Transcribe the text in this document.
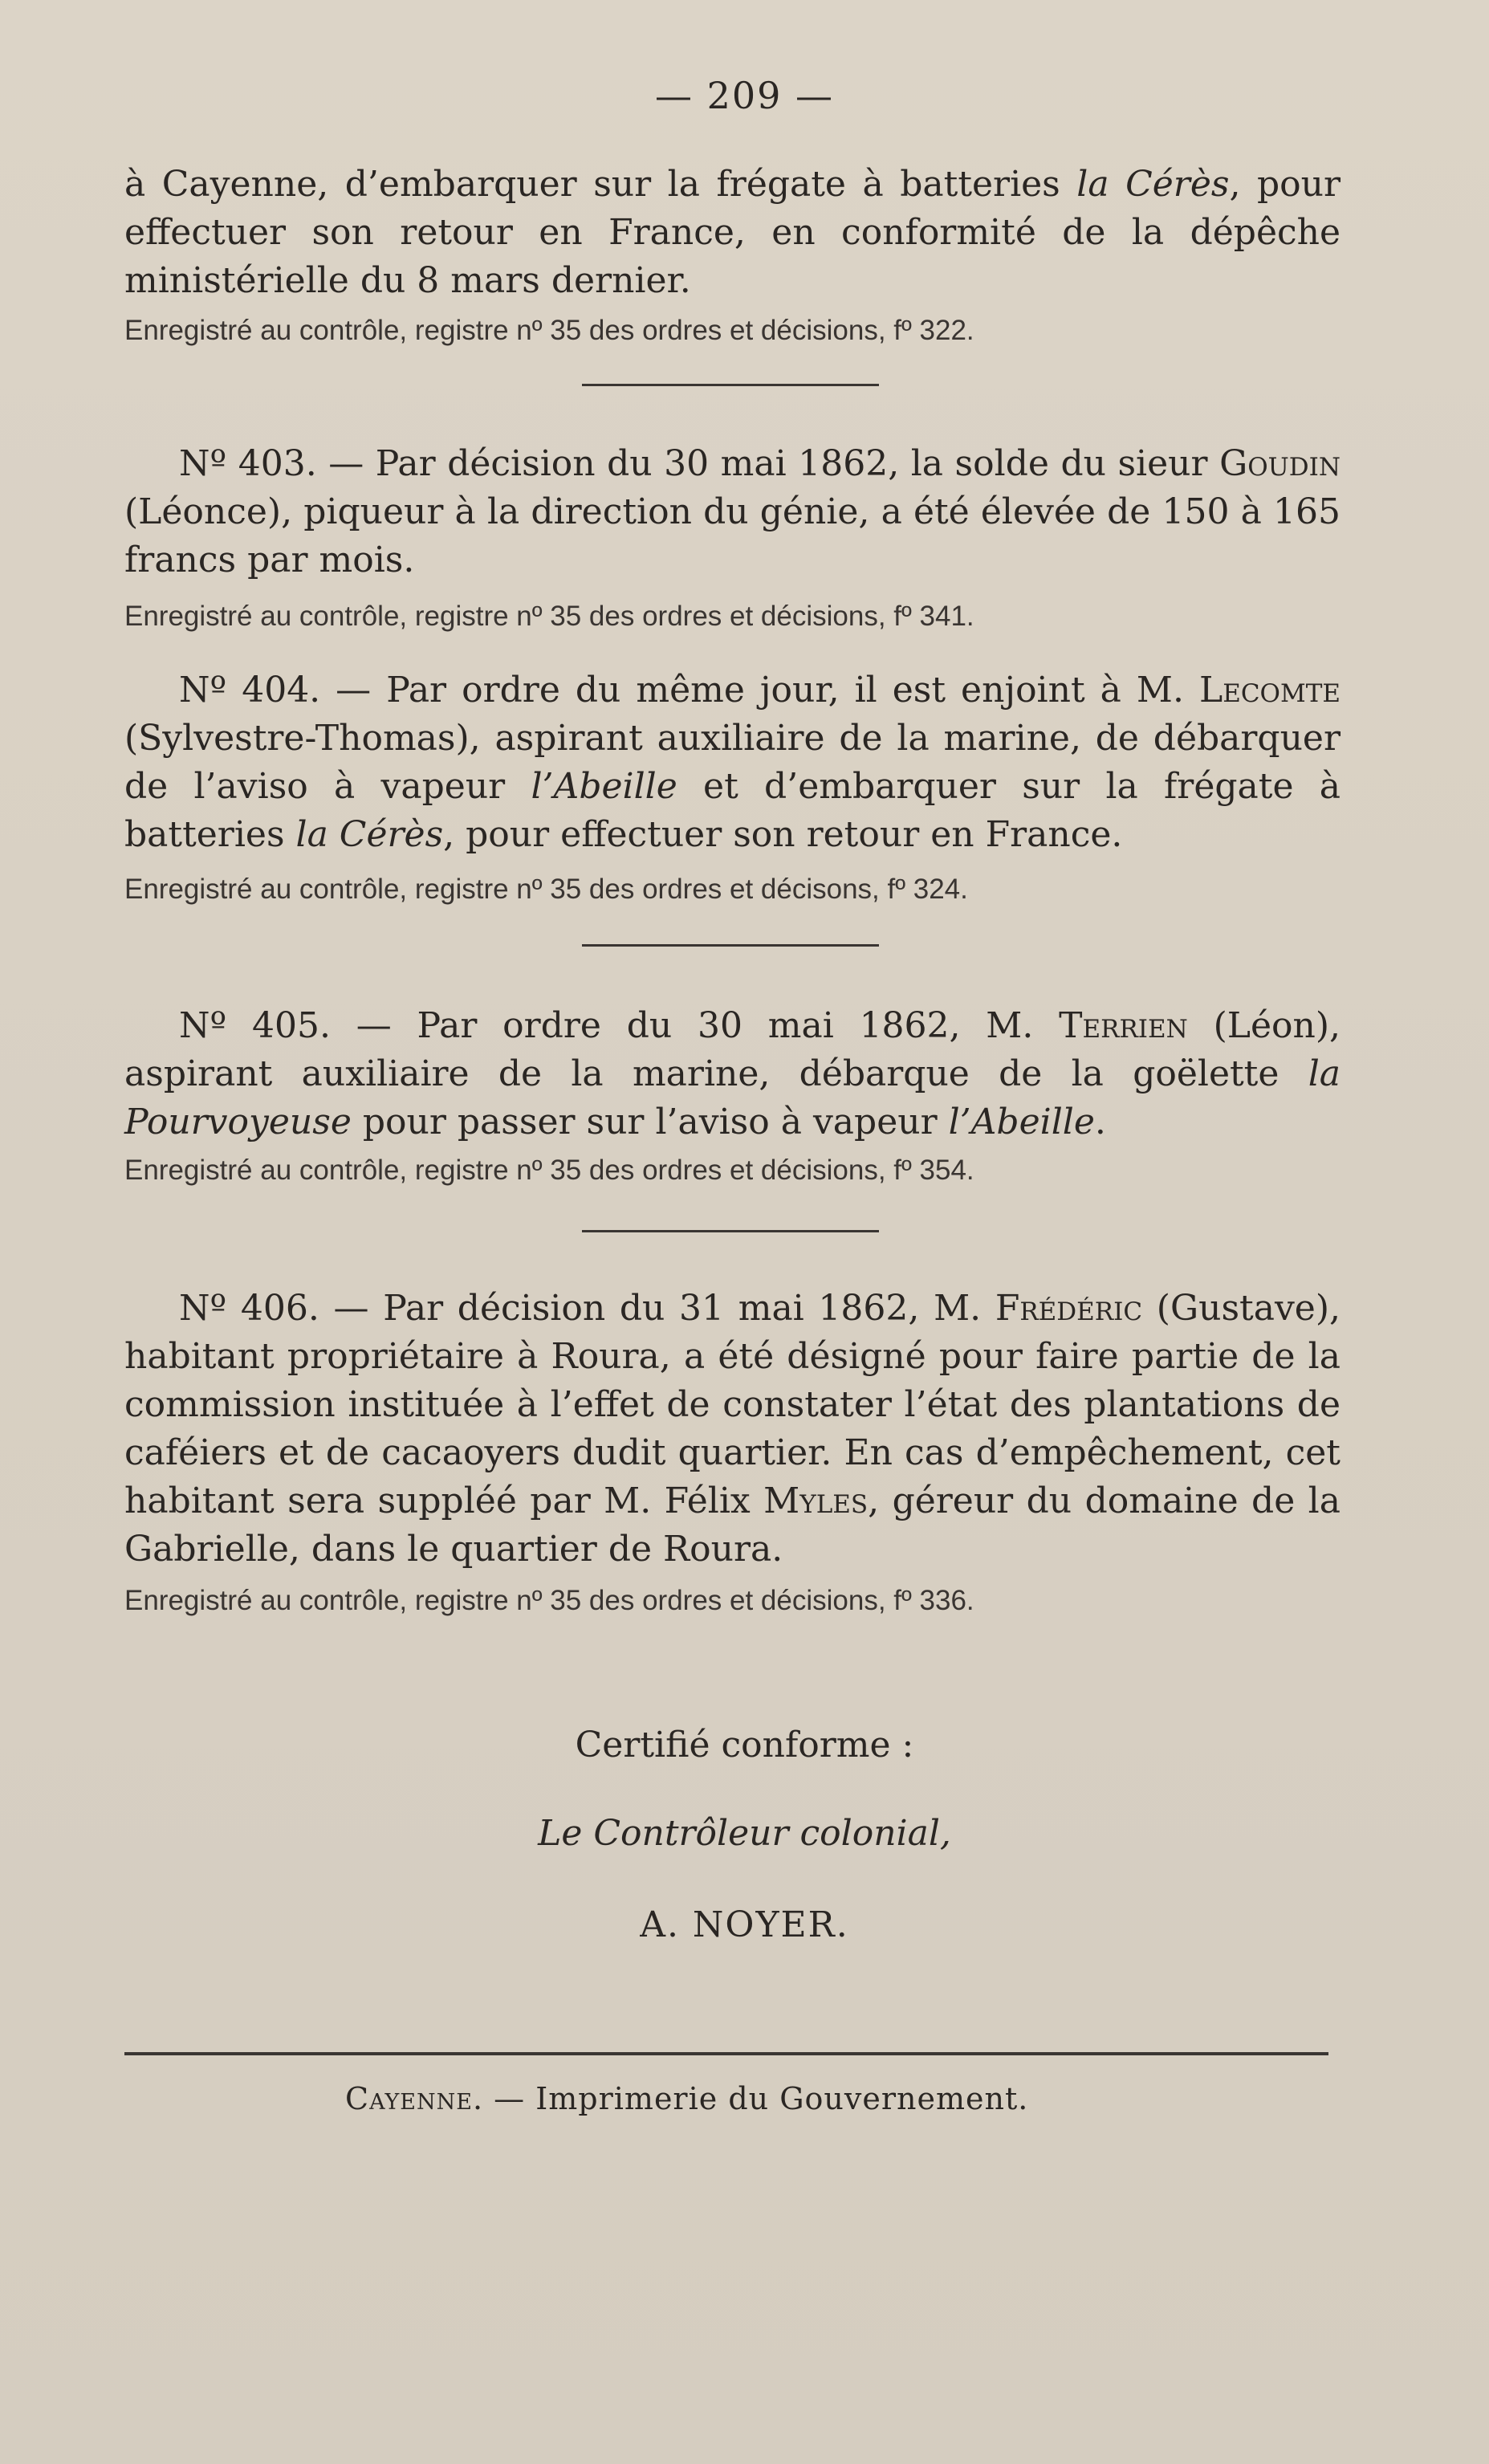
— 209 —
à Cayenne, d’embarquer sur la frégate à batteries la Cérès, pour effectuer son retour en France, en conformité de la dépêche ministérielle du 8 mars dernier.
Enregistré au contrôle, registre nº 35 des ordres et décisions, fº 322.
Nº 403. — Par décision du 30 mai 1862, la solde du sieur Goudin (Léonce), piqueur à la direction du génie, a été élevée de 150 à 165 francs par mois.
Enregistré au contrôle, registre nº 35 des ordres et décisions, fº 341.
Nº 404. — Par ordre du même jour, il est enjoint à M. Lecomte (Sylvestre-Thomas), aspirant auxiliaire de la marine, de débarquer de l’aviso à vapeur l’Abeille et d’embarquer sur la frégate à batteries la Cérès, pour effectuer son retour en France.
Enregistré au contrôle, registre nº 35 des ordres et décisons, fº 324.
Nº 405. — Par ordre du 30 mai 1862, M. Terrien (Léon), aspirant auxiliaire de la marine, débarque de la goëlette la Pourvoyeuse pour passer sur l’aviso à vapeur l’Abeille.
Enregistré au contrôle, registre nº 35 des ordres et décisions, fº 354.
Nº 406. — Par décision du 31 mai 1862, M. Frédéric (Gustave), habitant propriétaire à Roura, a été désigné pour faire partie de la commission instituée à l’effet de constater l’état des plantations de caféiers et de cacaoyers dudit quartier. En cas d’empêchement, cet habitant sera suppléé par M. Félix Myles, géreur du domaine de la Gabrielle, dans le quartier de Roura.
Enregistré au contrôle, registre nº 35 des ordres et décisions, fº 336.
Certifié conforme :
Le Contrôleur colonial,
A. NOYER.
Cayenne. — Imprimerie du Gouvernement.
